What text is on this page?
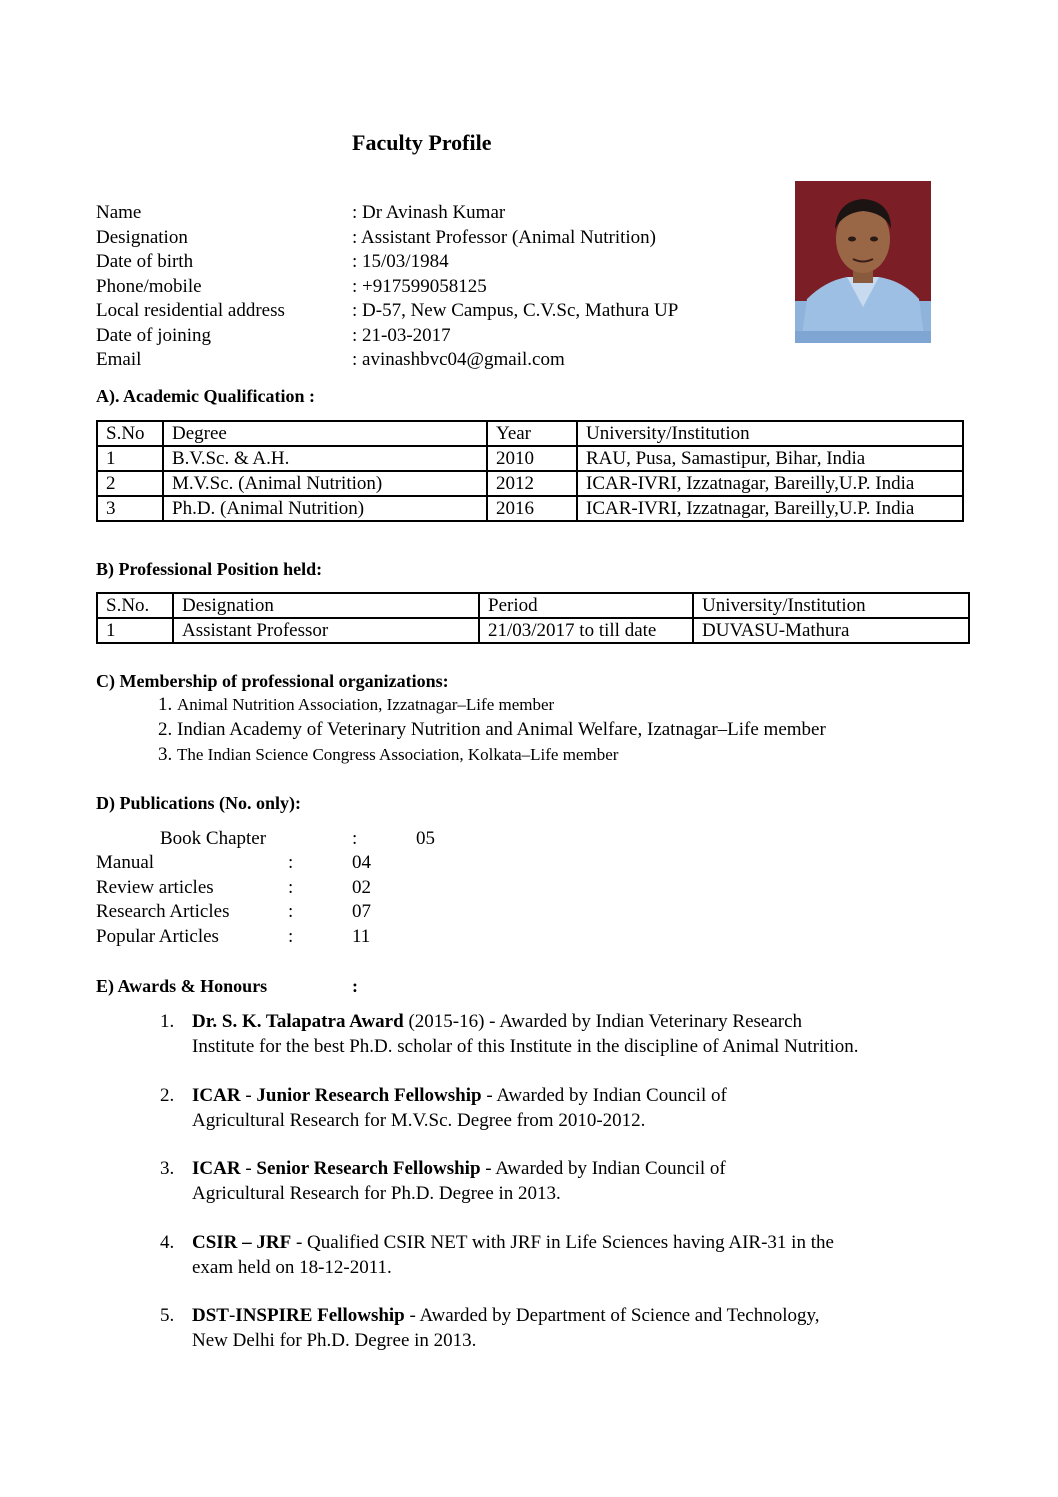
Faculty Profile
Name	: Dr Avinash Kumar
Designation	: Assistant Professor (Animal Nutrition)
Date of birth	: 15/03/1984
Phone/mobile	: +917599058125
Local residential address	: D-57, New Campus, C.V.Sc, Mathura UP
Date of joining	: 21-03-2017
Email	: avinashbvc04@gmail.com
A). Academic Qualification :
S.No	Degree	Year	University/Institution
1	B.V.Sc. & A.H.	2010	RAU, Pusa, Samastipur, Bihar, India
2	M.V.Sc. (Animal Nutrition)	2012	ICAR-IVRI, Izzatnagar, Bareilly,U.P. India
3	Ph.D. (Animal Nutrition)	2016	ICAR-IVRI, Izzatnagar, Bareilly,U.P. India
B) Professional Position held:
S.No.	Designation	Period	University/Institution
1	Assistant Professor	21/03/2017 to till date	DUVASU-Mathura
C) Membership of professional organizations:
1. Animal Nutrition Association, Izzatnagar–Life member
2. Indian Academy of Veterinary Nutrition and Animal Welfare, Izatnagar–Life member
3. The Indian Science Congress Association, Kolkata–Life member
D) Publications (No. only):
Book Chapter	:	05
Manual	:	04
Review articles	:	02
Research Articles	:	07
Popular Articles	:	11
E) Awards & Honours	:
1. Dr. S. K. Talapatra Award (2015-16) - Awarded by Indian Veterinary Research
Institute for the best Ph.D. scholar of this Institute in the discipline of Animal Nutrition.
2. ICAR - Junior Research Fellowship - Awarded by Indian Council of
Agricultural Research for M.V.Sc. Degree from 2010-2012.
3. ICAR - Senior Research Fellowship - Awarded by Indian Council of
Agricultural Research for Ph.D. Degree in 2013.
4. CSIR – JRF - Qualified CSIR NET with JRF in Life Sciences having AIR-31 in the
exam held on 18-12-2011.
5. DST-INSPIRE Fellowship - Awarded by Department of Science and Technology,
New Delhi for Ph.D. Degree in 2013.
